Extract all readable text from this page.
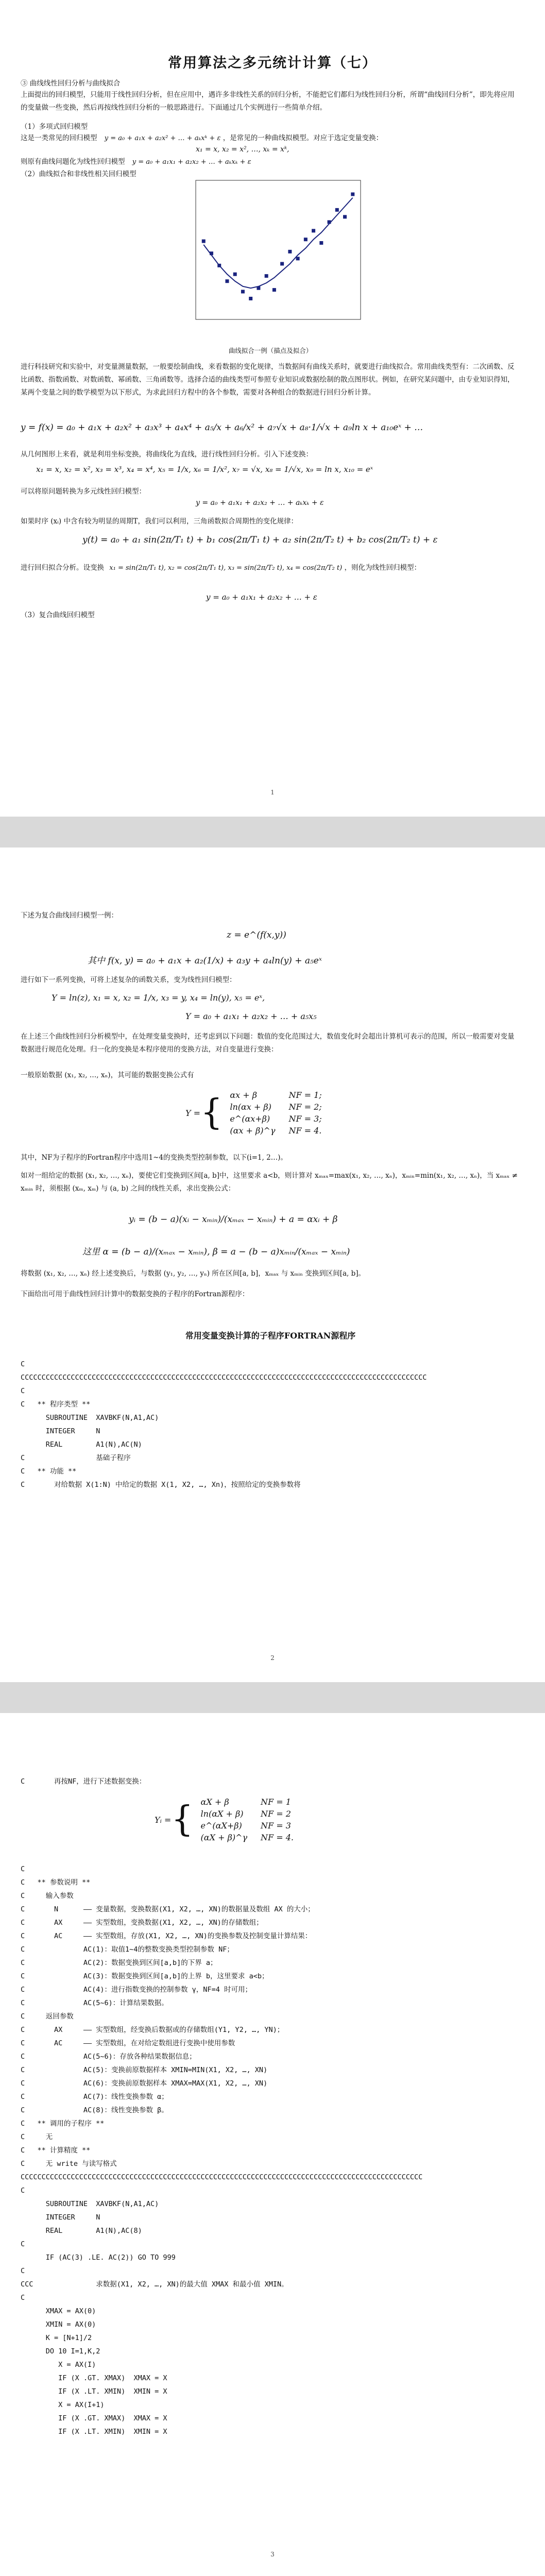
常用算法之多元统计计算（七）
③ 曲线线性回归分析与曲线拟合
上面提出的回归模型，只能用于线性回归分析，但在应用中，遇许多非线性关系的回归分析，不能把它们都归为线性回归分析，所谓“曲线回归分析”，即先将应用的变量做一些变换，然后再按线性回归分析的一般思路进行。下面通过几个实例进行一些简单介绍。
（1）多项式回归模型
这是一类常见的回归模型 y = a₀ + a₁x + a₂x² + … + aₖxᵏ + ε ，是常见的一种曲线拟模型。对应于选定变量变换：
x₁ = x, x₂ = x², …, xₖ = xᵏ,
则原有曲线问题化为线性回归模型 y = a₀ + a₁x₁ + a₂x₂ + … + aₖxₖ + ε
（2）曲线拟合和非线性相关回归模型
曲线拟合一例（描点及拟合）
进行科技研究和实验中，对变量测量数据，一般要绘制曲线，来看数据的变化规律，当数据间有曲线关系时，就要进行曲线拟合。常用曲线类型有：二次函数、反比函数、指数函数、对数函数、幂函数、三角函数等。选择合适的曲线类型可参照专业知识或数据绘制的散点图形状。例如，在研究某问题中，由专业知识得知，某两个变量之间的数学模型为以下形式，为求此回归方程中的各个参数，需要对各种组合的数据进行回归分析计算。
y = f(x) = a₀ + a₁x + a₂x² + a₃x³ + a₄x⁴ + a₅/x + a₆/x² + a₇√x + a₈·1/√x + a₉ln x + a₁₀eˣ + …
从几何图形上来看，就是利用坐标变换，将曲线化为直线，进行线性回归分析。引入下述变换：
x₁ = x, x₂ = x², x₃ = x³, x₄ = x⁴, x₅ = 1/x, x₆ = 1/x², x₇ = √x, x₈ = 1/√x, x₉ = ln x, x₁₀ = eˣ
可以将原问题转换为多元线性回归模型：
y = a₀ + a₁x₁ + a₂x₂ + … + aₖxₖ + ε
如果时序 (xᵢ) 中含有较为明显的周期T，我们可以利用，三角函数拟合周期性的变化规律：
y(t) = a₀ + a₁ sin(2π/T₁ t) + b₁ cos(2π/T₁ t) + a₂ sin(2π/T₂ t) + b₂ cos(2π/T₂ t) + ε
进行回归拟合分析。设变换 x₁ = sin(2π/T₁ t), x₂ = cos(2π/T₁ t), x₃ = sin(2π/T₂ t), x₄ = cos(2π/T₂ t) ，则化为线性回归模型：
y = a₀ + a₁x₁ + a₂x₂ + … + ε
（3）复合曲线回归模型
1
下述为复合曲线回归模型一例：
z = e^(f(x,y))
其中 f(x, y) = a₀ + a₁x + a₂(1/x) + a₃y + a₄ln(y) + a₅eˣ
进行如下一系列变换，可将上述复杂的函数关系，变为线性回归模型：
Y = ln(z), x₁ = x, x₂ = 1/x, x₃ = y, x₄ = ln(y), x₅ = eˣ,
Y = a₀ + a₁x₁ + a₂x₂ + … + a₅x₅
在上述三个曲线性回归分析模型中，在处理变量变换时，还考虑到以下问题：数值的变化范围过大，数值变化时会超出计算机可表示的范围，所以一般需要对变量数据进行规范化处理。归一化的变换是本程序使用的变换方法，对自变量进行变换：
一般原始数据 (x₁, x₂, …, xₙ)，其可能的数据变换公式有
Y = { αx + β	NF = 1;
ln(αx + β)	NF = 2;
e^(αx+β)	NF = 3;
(αx + β)^γ	NF = 4.
其中，NF为子程序的Fortran程序中选用1~4的变换类型控制参数，以下(i=1, 2…)。
如对一组给定的数据 (x₁, x₂, …, xₙ)，要使它们变换到区间[a, b]中，这里要求 a<b，则计算对 xₘₐₓ=max(x₁, x₂, …, xₙ)，xₘᵢₙ=min(x₁, x₂, …, xₙ)，当 xₘₐₓ ≠ xₘᵢₙ 时，须根据 (xₘ, xₘ) 与 (a, b) 之间的线性关系，求出变换公式：
yᵢ = (b − a)(xᵢ − xₘᵢₙ)/(xₘₐₓ − xₘᵢₙ) + a = αxᵢ + β
这里 α = (b − a)/(xₘₐₓ − xₘᵢₙ), β = a − (b − a)xₘᵢₙ/(xₘₐₓ − xₘᵢₙ)
将数据 (x₁, x₂, …, xₙ) 经上述变换后，与数据 (y₁, y₂, …, yₙ) 所在区间[a, b]，xₘₐₓ 与 xₘᵢₙ 变换到区间[a, b]。
下面给出可用于曲线性回归计算中的数据变换的子程序的Fortran源程序：
常用变量变换计算的子程序FORTRAN源程序
C
CCCCCCCCCCCCCCCCCCCCCCCCCCCCCCCCCCCCCCCCCCCCCCCCCCCCCCCCCCCCCCCCCCCCCCCCCCCCCCCCCCCCCCCCCCCCCCCCC
C
C   ** 程序类型 **
SUBROUTINE  XAVBKF(N,A1,AC)
INTEGER     N
REAL        A1(N),AC(N)
C                 基础子程序
C   ** 功能 **
C       对给数据 X(1:N) 中给定的数据 X(1, X2, …, Xn)，按照给定的变换参数将
2
C       再按NF，进行下述数据变换：
Yᵢ = { αX + β	NF = 1
ln(αX + β)	NF = 2
e^(αX+β)	NF = 3
(αX + β)^γ	NF = 4.
C
C   ** 参数说明 **
C     输入参数
C       N      —— 变量数据，变换数据(X1, X2, …, XN)的数据量及数组 AX 的大小；
C       AX     —— 实型数组，变换数据(X1, X2, …, XN)的存储数组；
C       AC     —— 实型数组，存放(X1, X2, …, XN)的变换参数及控制变量计算结果：
C              AC(1)：取值1~4的整数变换类型控制参数 NF；
C              AC(2)：数据变换到区间[a,b]的下界 a；
C              AC(3)：数据变换到区间[a,b]的上界 b，这里要求 a<b；
C              AC(4)：进行指数变换的控制参数 γ，NF=4 时可用；
C              AC(5~6)：计算结果数据。
C     返回参数
C       AX     —— 实型数组，经变换后数据或的存储数组(Y1, Y2, …, YN)；
C       AC     —— 实型数组，在对给定数组进行变换中使用参数
C              AC(5~6)：存放各种结果数据信息；
C              AC(5)：变换前原数据样本 XMIN=MIN(X1, X2, …, XN)
C              AC(6)：变换前原数据样本 XMAX=MAX(X1, X2, …, XN)
C              AC(7)：线性变换参数 α；
C              AC(8)：线性变换参数 β。
C   ** 调用的子程序 **
C     无
C   ** 计算精度 **
C     无 write 与读写格式
CCCCCCCCCCCCCCCCCCCCCCCCCCCCCCCCCCCCCCCCCCCCCCCCCCCCCCCCCCCCCCCCCCCCCCCCCCCCCCCCCCCCCCCCCCCCCCCC
C
SUBROUTINE  XAVBKF(N,A1,AC)
INTEGER     N
REAL        A1(N),AC(8)
C
IF (AC(3) .LE. AC(2)) GO TO 999
C
CCC               求数据(X1, X2, …, XN)的最大值 XMAX 和最小值 XMIN。
C
XMAX = AX(0)
XMIN = AX(0)
K = [N+1]/2
DO 10 I=1,K,2
X = AX(I)
IF (X .GT. XMAX)  XMAX = X
IF (X .LT. XMIN)  XMIN = X
X = AX(I+1)
IF (X .GT. XMAX)  XMAX = X
IF (X .LT. XMIN)  XMIN = X
3
